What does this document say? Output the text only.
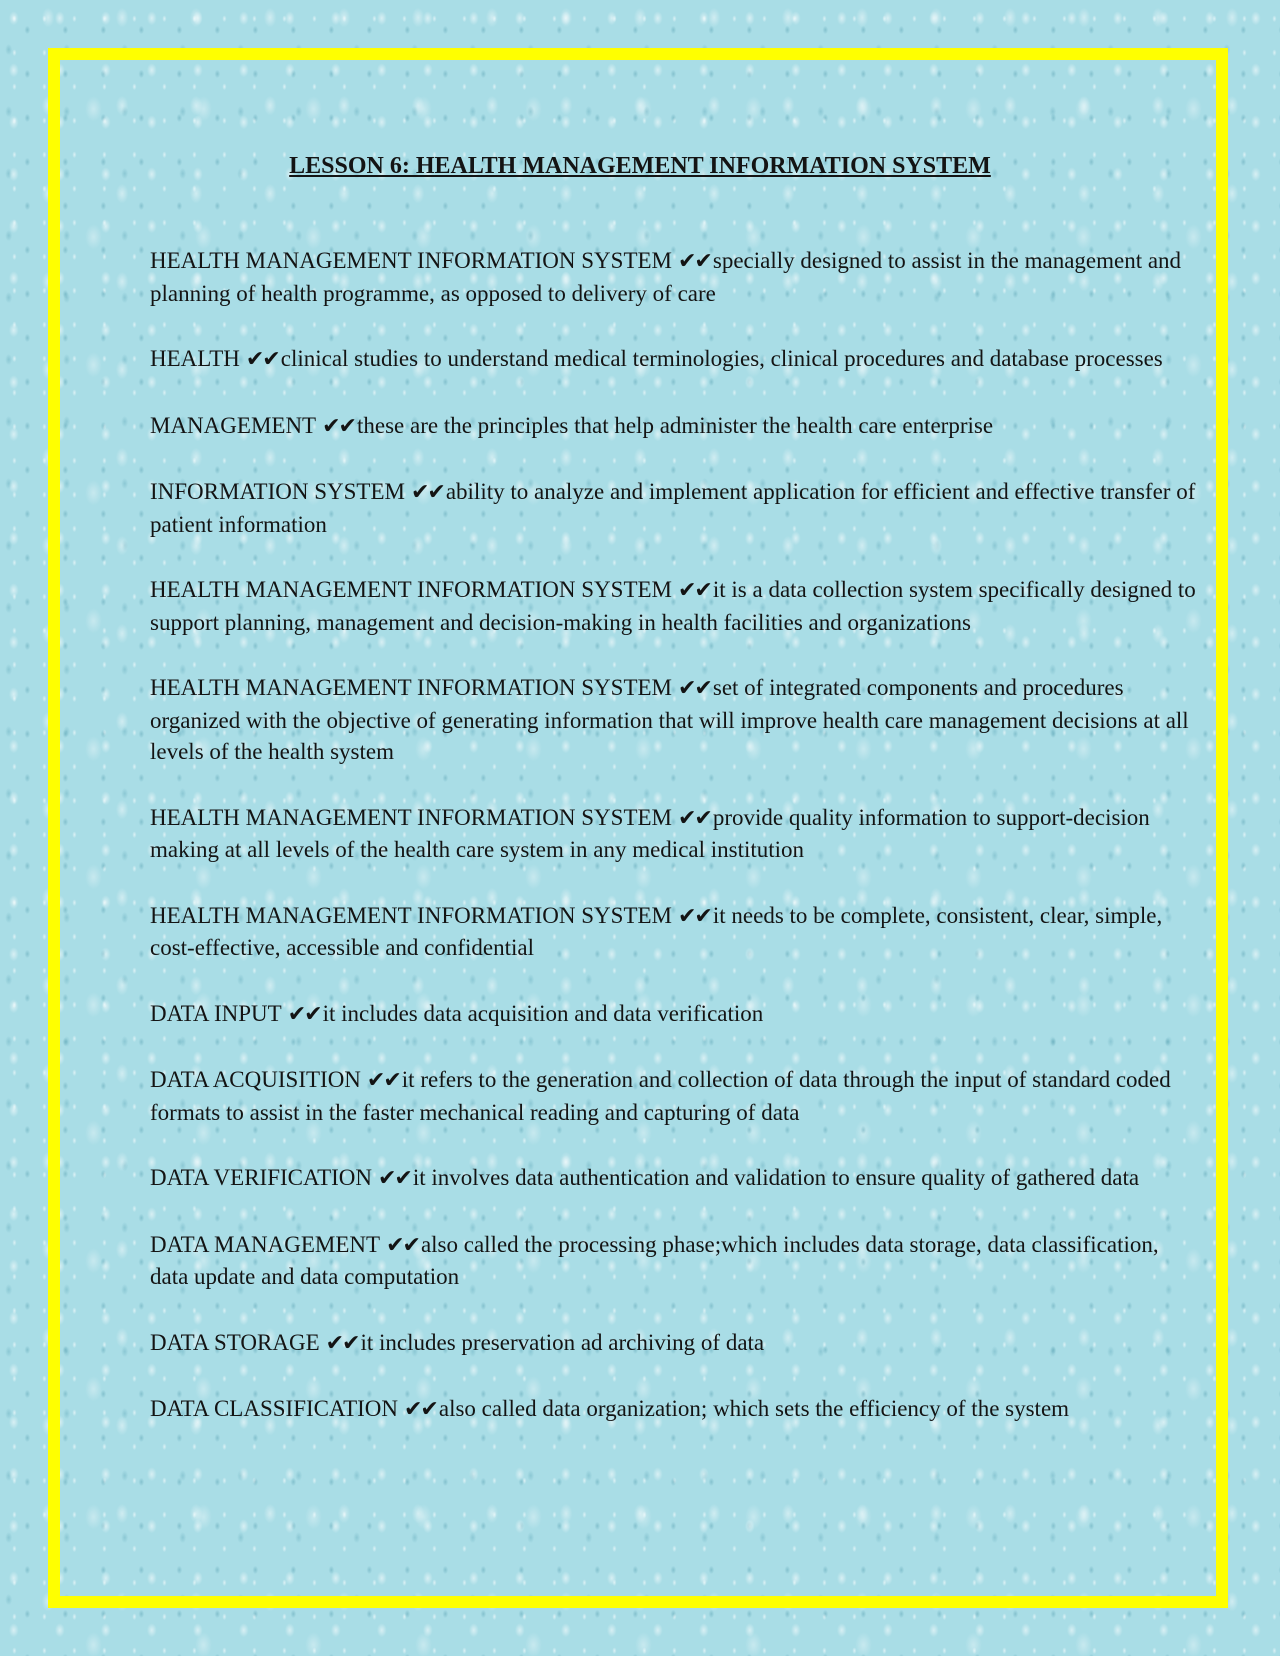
LESSON 6: HEALTH MANAGEMENT INFORMATION SYSTEM
HEALTH MANAGEMENT INFORMATION SYSTEM ✔✔specially designed to assist in the management and planning of health programme, as opposed to delivery of care
HEALTH ✔✔clinical studies to understand medical terminologies, clinical procedures and database processes
MANAGEMENT ✔✔these are the principles that help administer the health care enterprise
INFORMATION SYSTEM ✔✔ability to analyze and implement application for efficient and effective transfer of patient information
HEALTH MANAGEMENT INFORMATION SYSTEM ✔✔it is a data collection system specifically designed to support planning, management and decision-making in health facilities and organizations
HEALTH MANAGEMENT INFORMATION SYSTEM ✔✔set of integrated components and procedures organized with the objective of generating information that will improve health care management decisions at all levels of the health system
HEALTH MANAGEMENT INFORMATION SYSTEM ✔✔provide quality information to support-decision making at all levels of the health care system in any medical institution
HEALTH MANAGEMENT INFORMATION SYSTEM ✔✔it needs to be complete, consistent, clear, simple, cost-effective, accessible and confidential
DATA INPUT ✔✔it includes data acquisition and data verification
DATA ACQUISITION ✔✔it refers to the generation and collection of data through the input of standard coded formats to assist in the faster mechanical reading and capturing of data
DATA VERIFICATION ✔✔it involves data authentication and validation to ensure quality of gathered data
DATA MANAGEMENT ✔✔also called the processing phase;which includes data storage, data classification, data update and data computation
DATA STORAGE ✔✔it includes preservation ad archiving of data
DATA CLASSIFICATION ✔✔also called data organization; which sets the efficiency of the system
